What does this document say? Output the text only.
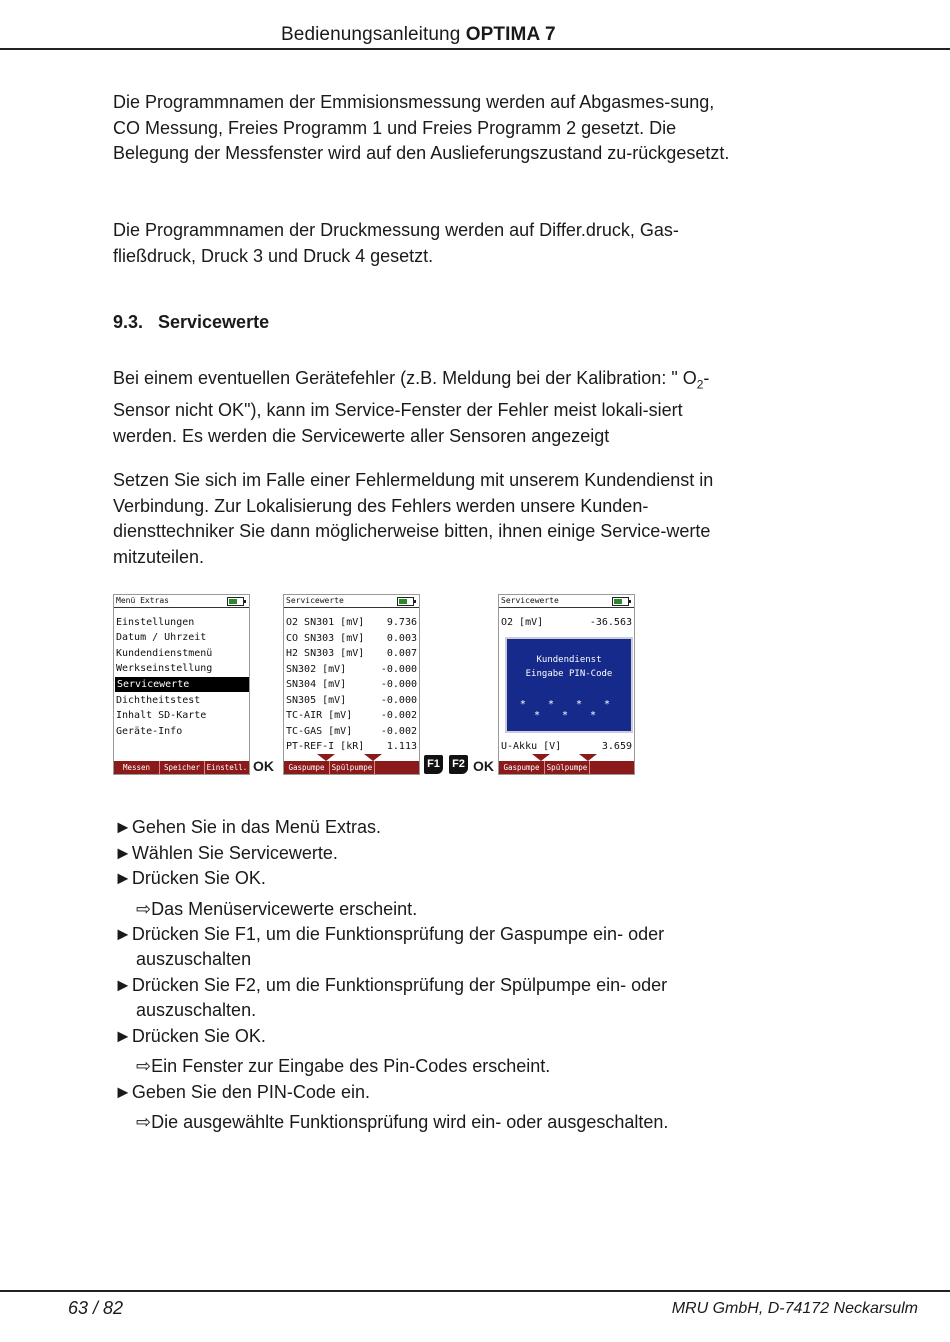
Bedienungsanleitung OPTIMA 7
Die Programmnamen der Emmisionsmessung werden auf Abgasmes-sung, CO Messung, Freies Programm 1 und Freies Programm 2 gesetzt. Die Belegung der Messfenster wird auf den Auslieferungszustand zu-rückgesetzt.
Die Programmnamen der Druckmessung werden auf Differ.druck, Gas-fließdruck, Druck 3 und Druck 4 gesetzt.
9.3. Servicewerte
Bei einem eventuellen Gerätefehler (z.B. Meldung bei der Kalibration: " $O_2$-Sensor nicht OK"), kann im Service-Fenster der Fehler meist lokali-siert werden. Es werden die Servicewerte aller Sensoren angezeigt
Setzen Sie sich im Falle einer Fehlermeldung mit unserem Kundendienst in Verbindung. Zur Lokalisierung des Fehlers werden unsere Kunden-diensttechniker Sie dann möglicherweise bitten, ihnen einige Service-werte mitzuteilen.
Menü Extras
Einstellungen
Datum / Uhrzeit
Kundendienstmenü
Werkseinstellung
Servicewerte
Dichtheitstest
Inhalt SD-Karte
Geräte-Info
Messen	Speicher Einstell. OK
Servicewerte
O2 SN301 [mV] 9.736
CO SN303 [mV] 0.003
H2 SN303 [mV] 0.007
SN302 [mV]	-0.000
SN304 [mV]	-0.000
SN305 [mV]	-0.000
TC-AIR [mV]	-0.002
TC-GAS [mV]	-0.002
PT-REF-I [kR] 1.113
Gaspumpe Spülpumpe	F1 F2 OK
Servicewerte
O2 [mV]	-36.563
Kundendienst
Eingabe PIN-Code
* * * * * * *
U-Akku [V]	3.659
Gaspumpe Spülpumpe
►Gehen Sie in das Menü Extras.
►Wählen Sie Servicewerte.
►Drücken Sie OK.
⇨Das Menüservicewerte erscheint.
►Drücken Sie F1, um die Funktionsprüfung der Gaspumpe ein- oder
auszuschalten
►Drücken Sie F2, um die Funktionsprüfung der Spülpumpe ein- oder
auszuschalten.
►Drücken Sie OK.
⇨Ein Fenster zur Eingabe des Pin-Codes erscheint.
►Geben Sie den PIN-Code ein.
⇨Die ausgewählte Funktionsprüfung wird ein- oder ausgeschalten.
63 / 82	MRU GmbH, D-74172 Neckarsulm
